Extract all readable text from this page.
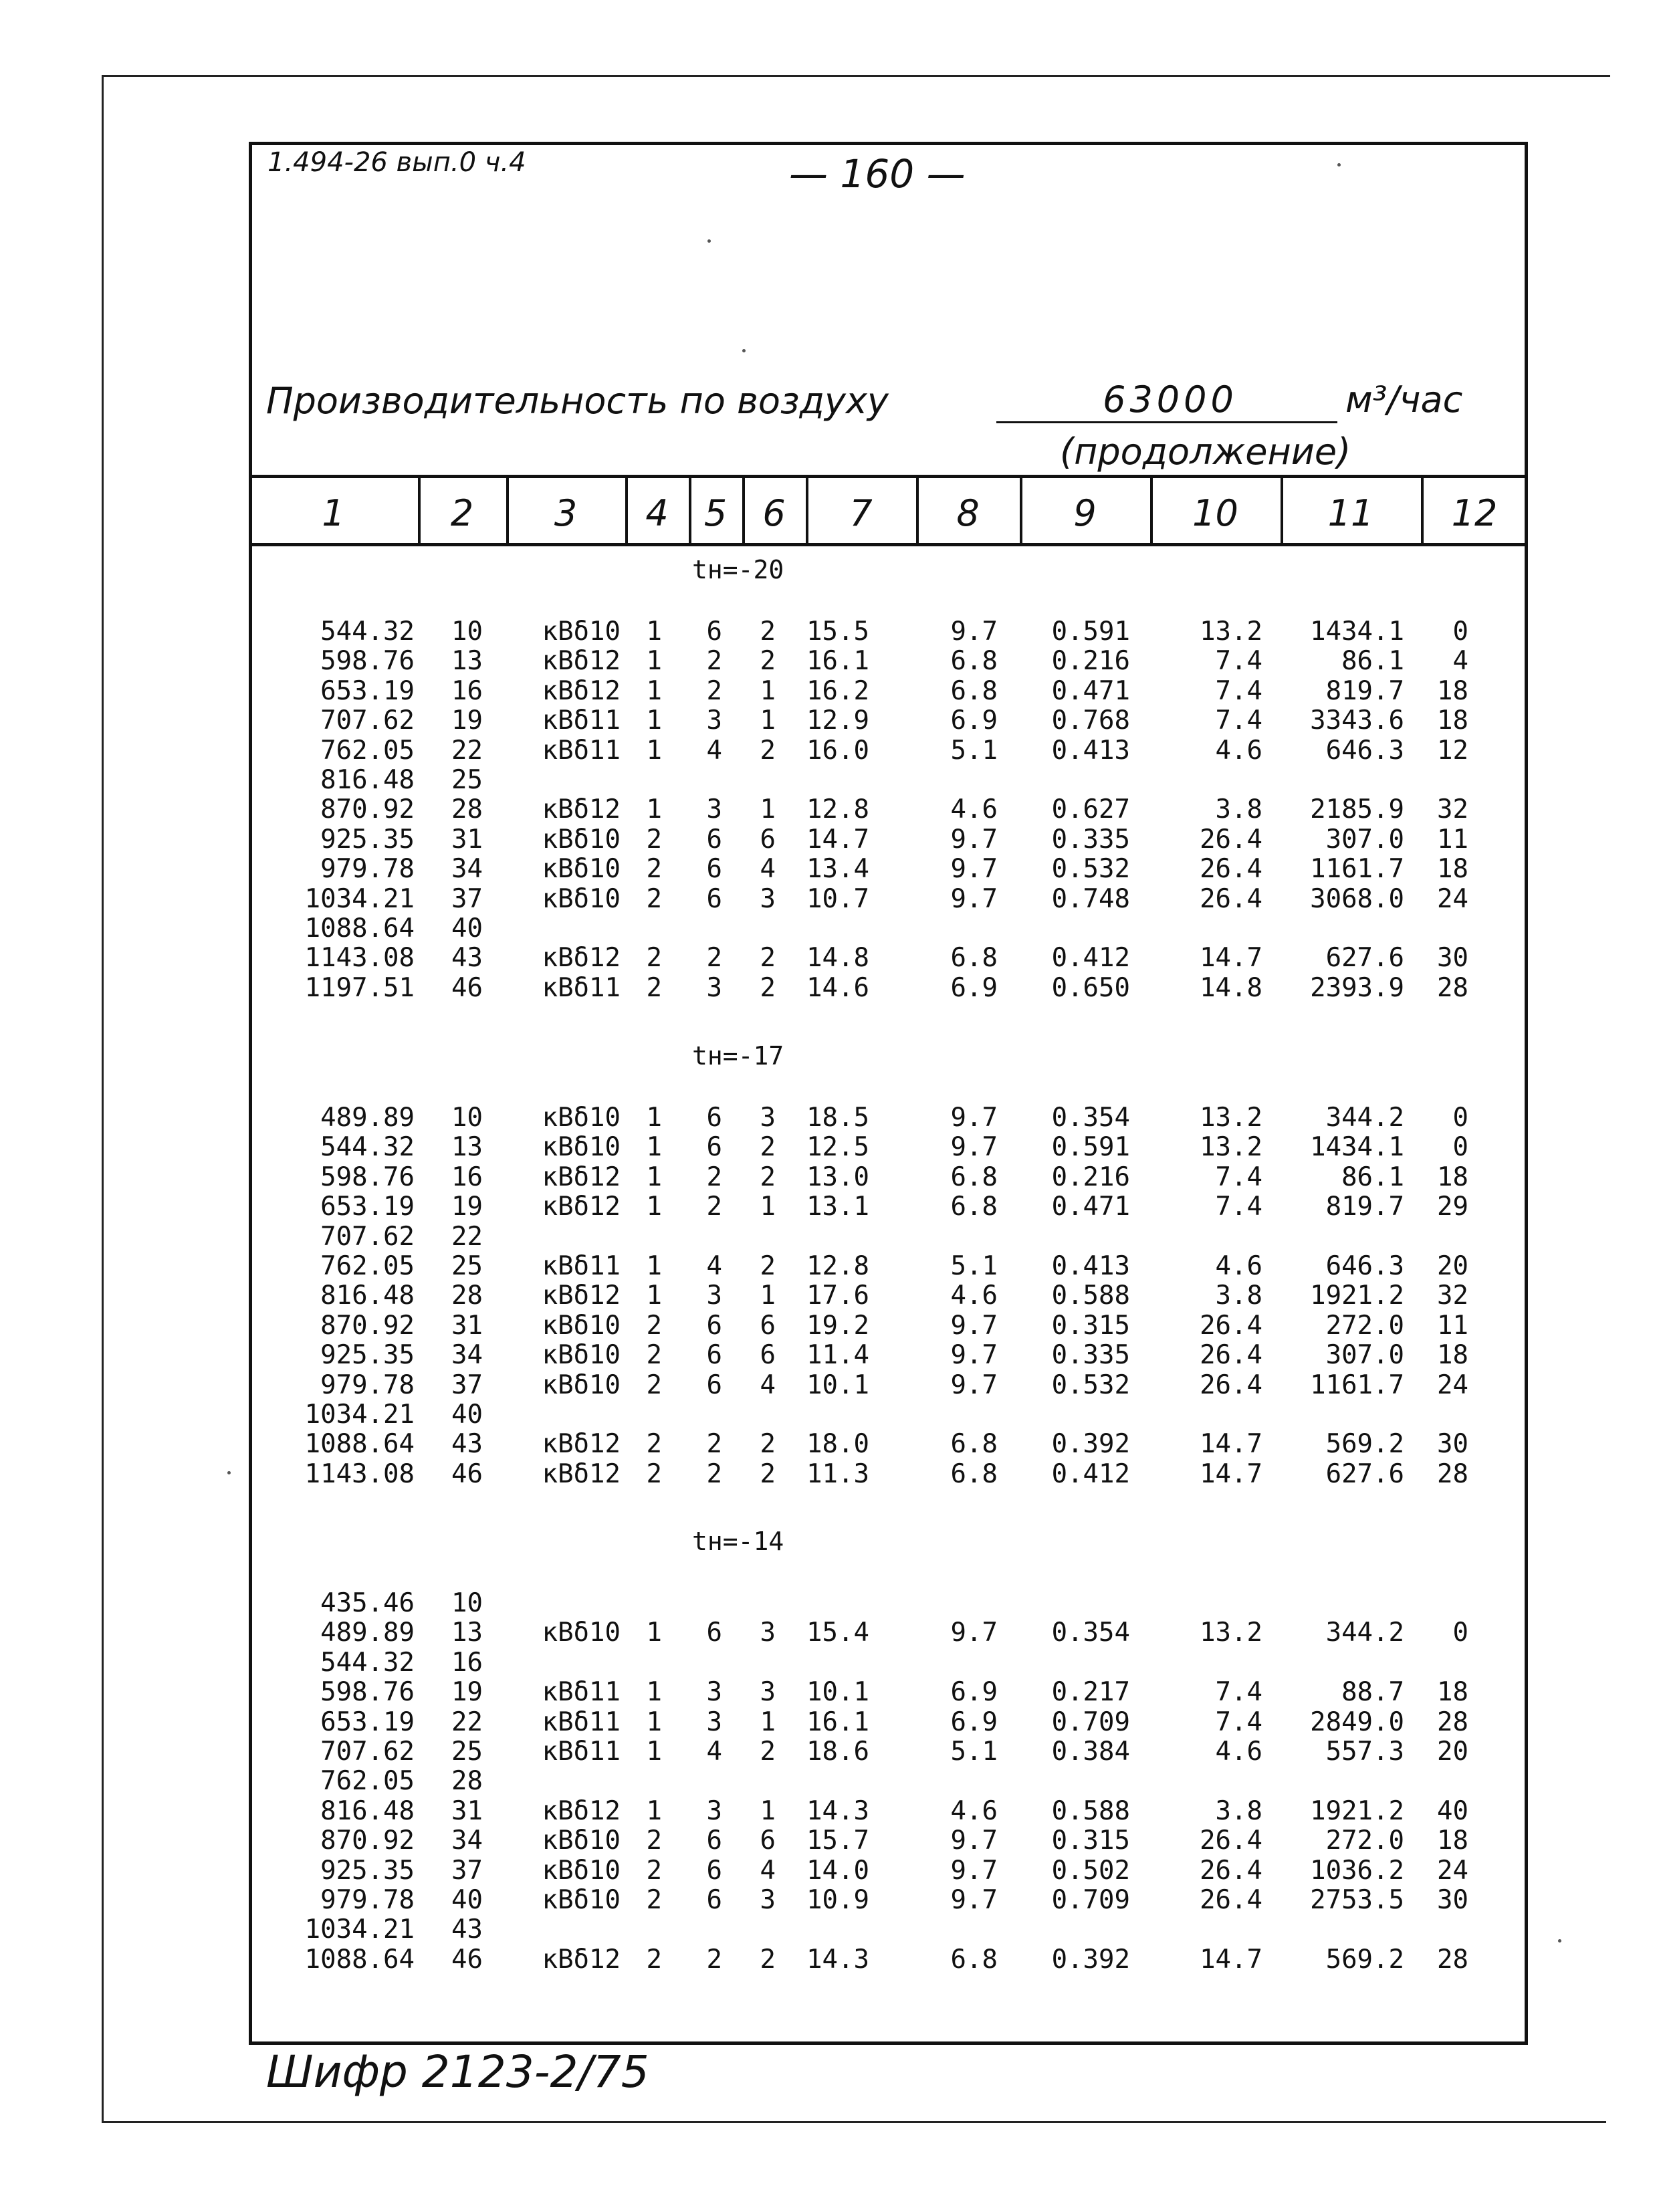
1.494-26 вып.0 ч.4	— 160 —
Производительность по воздуху	63000	м³/час
(продолжение)
1	2	3	4 5 6	7	8	9	10	11	12
tн=-20
544.32 10 кВδ10 1 6 2 15.5	9.7 0.591	13.2 1434.1 0
598.76 13 кВδ12 1 2 2 16.1	6.8 0.216	7.4	86.1 4
653.19 16 кВδ12 1 2 1 16.2	6.8 0.471	7.4 819.7 18
707.62 19 кВδ11 1 3 1 12.9	6.9 0.768	7.4 3343.6 18
762.05 22 кВδ11 1 4 2 16.0	5.1 0.413	4.6 646.3 12
816.48 25
870.92 28 кВδ12 1 3 1 12.8	4.6 0.627	3.8 2185.9 32
925.35 31 кВδ10 2 6 6 14.7	9.7 0.335	26.4 307.0 11
979.78 34 кВδ10 2 6 4 13.4	9.7 0.532	26.4 1161.7 18
1034.21 37 кВδ10 2 6 3 10.7	9.7 0.748	26.4 3068.0 24
1088.64 40
1143.08 43 кВδ12 2 2 2 14.8	6.8 0.412	14.7 627.6 30
1197.51 46 кВδ11 2 3 2 14.6	6.9 0.650	14.8 2393.9 28
tн=-17
489.89 10 кВδ10 1 6 3 18.5	9.7 0.354	13.2 344.2 0
544.32 13 кВδ10 1 6 2 12.5	9.7 0.591	13.2 1434.1 0
598.76 16 кВδ12 1 2 2 13.0	6.8 0.216	7.4	86.1 18
653.19 19 кВδ12 1 2 1 13.1	6.8 0.471	7.4 819.7 29
707.62 22
762.05 25 кВδ11 1 4 2 12.8	5.1 0.413	4.6 646.3 20
816.48 28 кВδ12 1 3 1 17.6	4.6 0.588	3.8 1921.2 32
870.92 31 кВδ10 2 6 6 19.2	9.7 0.315	26.4 272.0 11
925.35 34 кВδ10 2 6 6 11.4	9.7 0.335	26.4 307.0 18
979.78 37 кВδ10 2 6 4 10.1	9.7 0.532	26.4 1161.7 24
1034.21 40
1088.64 43 кВδ12 2 2 2 18.0	6.8 0.392	14.7 569.2 30
1143.08 46 кВδ12 2 2 2 11.3	6.8 0.412	14.7 627.6 28
tн=-14
435.46 10
489.89 13 кВδ10 1 6 3 15.4	9.7 0.354	13.2 344.2 0
544.32 16
598.76 19 кВδ11 1 3 3 10.1	6.9 0.217	7.4	88.7 18
653.19 22 кВδ11 1 3 1 16.1	6.9 0.709	7.4 2849.0 28
707.62 25 кВδ11 1 4 2 18.6	5.1 0.384	4.6 557.3 20
762.05 28
816.48 31 кВδ12 1 3 1 14.3	4.6 0.588	3.8 1921.2 40
870.92 34 кВδ10 2 6 6 15.7	9.7 0.315	26.4 272.0 18
925.35 37 кВδ10 2 6 4 14.0	9.7 0.502	26.4 1036.2 24
979.78 40 кВδ10 2 6 3 10.9	9.7 0.709	26.4 2753.5 30
1034.21 43
1088.64 46 кВδ12 2 2 2 14.3	6.8 0.392	14.7 569.2 28
Шифр 2123-2/75
